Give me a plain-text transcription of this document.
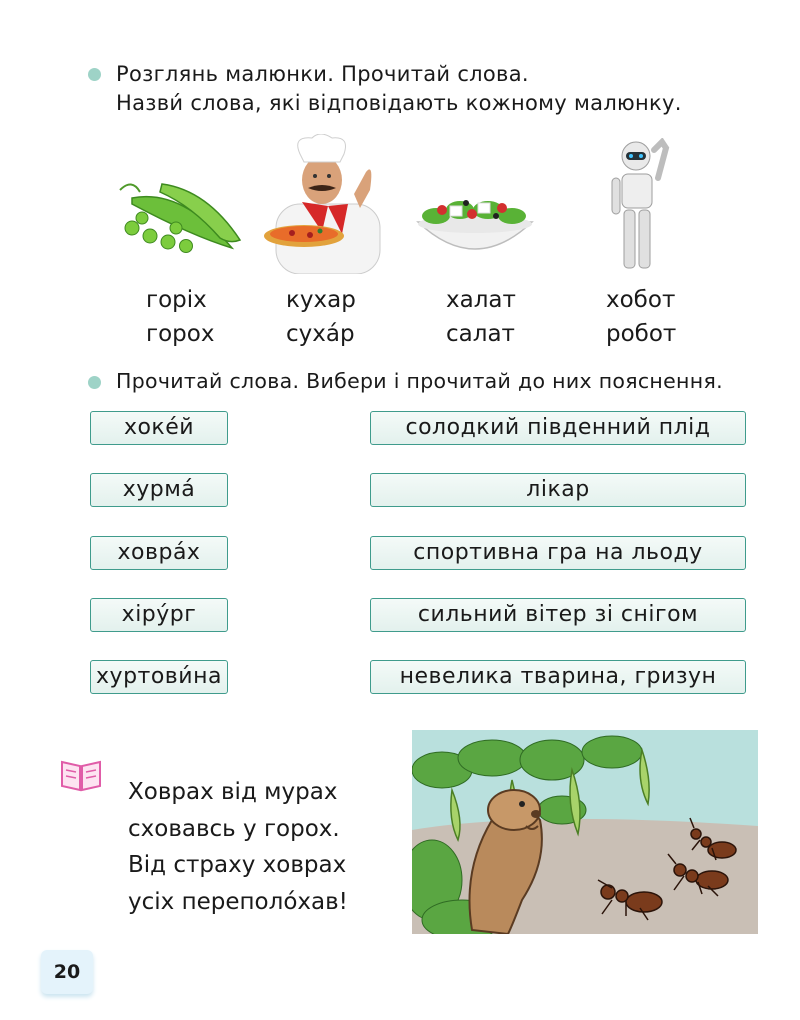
Розглянь малюнки. Прочитай слова.
Назви́ слова, які відповідають кожному малюнку.
горіх
горох
кухар
суха́р
халат
салат
хобот
робот
Прочитай слова. Вибери і прочитай до них пояснення.
хоке́й
хурма́
ховра́х
хіру́рг
хуртови́на
солодкий південний плід
лікар
спортивна гра на льоду
сильний вітер зі снігом
невелика тварина, гризун
Ховрах від мурах
сховавсь у горох.
Від страху ховрах
усіх переполо́хав!
20
